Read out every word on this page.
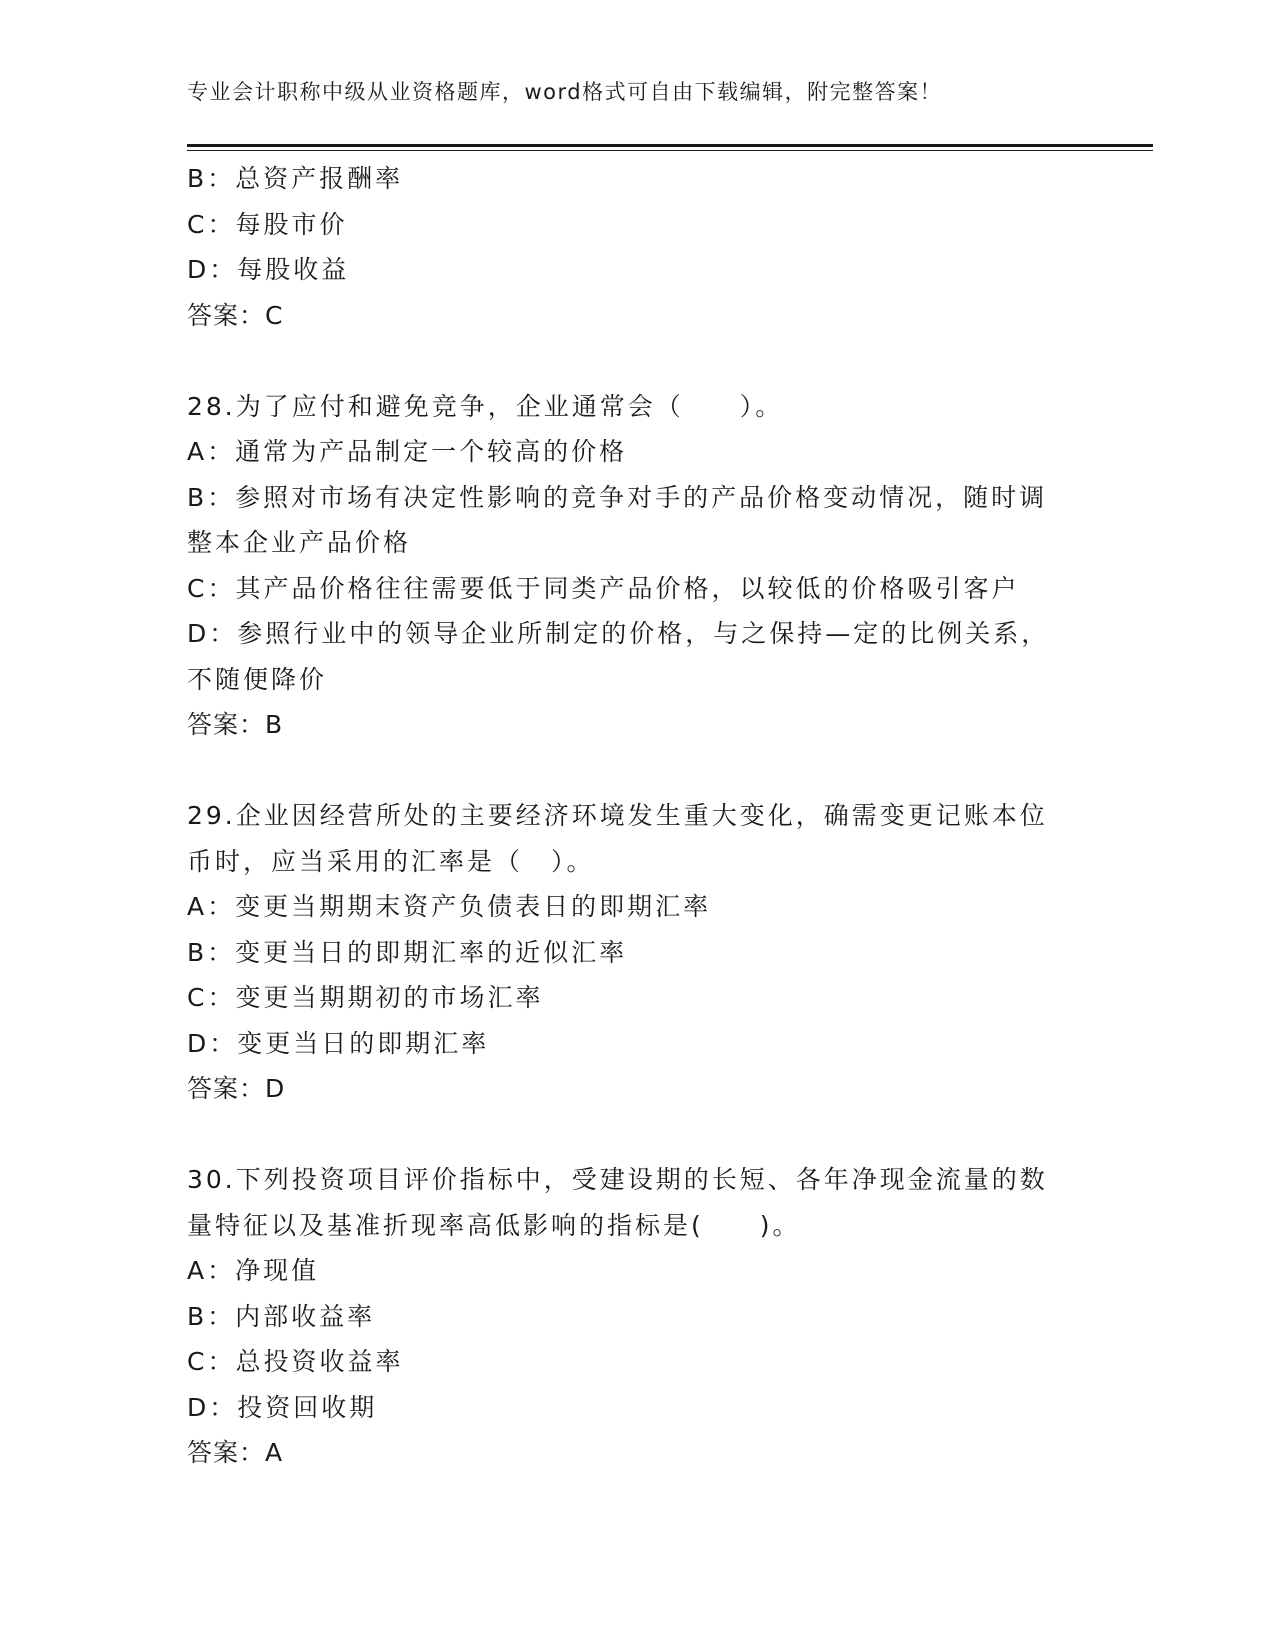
专业会计职称中级从业资格题库，word格式可自由下载编辑，附完整答案！
B：总资产报酬率
C：每股市价
D：每股收益
答案：C
28.为了应付和避免竞争，企业通常会（　　）。
A：通常为产品制定一个较高的价格
B：参照对市场有决定性影响的竞争对手的产品价格变动情况，随时调
整本企业产品价格
C：其产品价格往往需要低于同类产品价格，以较低的价格吸引客户
D：参照行业中的领导企业所制定的价格，与之保持—定的比例关系，
不随便降价
答案：B
29.企业因经营所处的主要经济环境发生重大变化，确需变更记账本位
币时，应当采用的汇率是（　）。
A：变更当期期末资产负债表日的即期汇率
B：变更当日的即期汇率的近似汇率
C：变更当期期初的市场汇率
D：变更当日的即期汇率
答案：D
30.下列投资项目评价指标中，受建设期的长短、各年净现金流量的数
量特征以及基准折现率高低影响的指标是(　　)。
A：净现值
B：内部收益率
C：总投资收益率
D：投资回收期
答案：A
